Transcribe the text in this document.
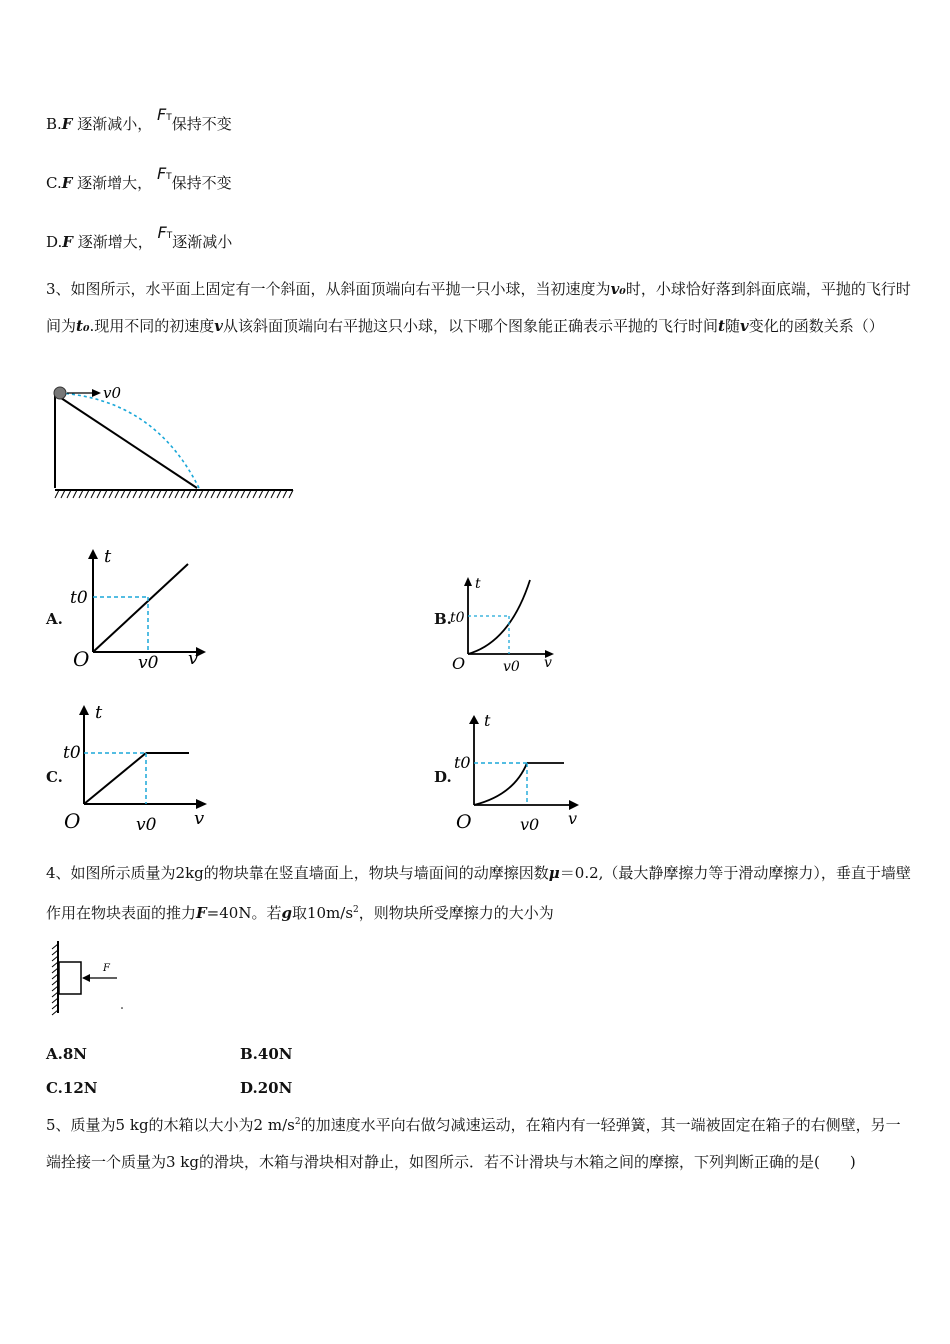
B.F 逐渐减小， FT保持不变
C.F 逐渐增大， FT保持不变
D.F 逐渐增大， FT逐渐减小
3、如图所示，水平面上固定有一个斜面，从斜面顶端向右平抛一只小球，当初速度为v₀时，小球恰好落到斜面底端，平抛的飞行时间为t₀.现用不同的初速度v从该斜面顶端向右平抛这只小球，以下哪个图象能正确表示平抛的飞行时间t随v变化的函数关系（）
v0
A.
t
t0
O	v
v0
B.
t
t0
O	v
v0
C.
t
t0
O	v
v0
D.
t
t0
O	v
v0
4、如图所示质量为2kg的物块靠在竖直墙面上，物块与墙面间的动摩擦因数μ＝0.2,（最大静摩擦力等于滑动摩擦力），垂直于墙壁作用在物块表面的推力F=40N。若g取$10m/s^2$，则物块所受摩擦力的大小为
F
A.8N	B.40N
C.12N	D.20N
5、质量为5 kg的木箱以大小为2 $m/s^2$的加速度水平向右做匀减速运动，在箱内有一轻弹簧，其一端被固定在箱子的右侧壁，另一端拴接一个质量为3 kg的滑块，木箱与滑块相对静止，如图所示．若不计滑块与木箱之间的摩擦，下列判断正确的是(　　)
